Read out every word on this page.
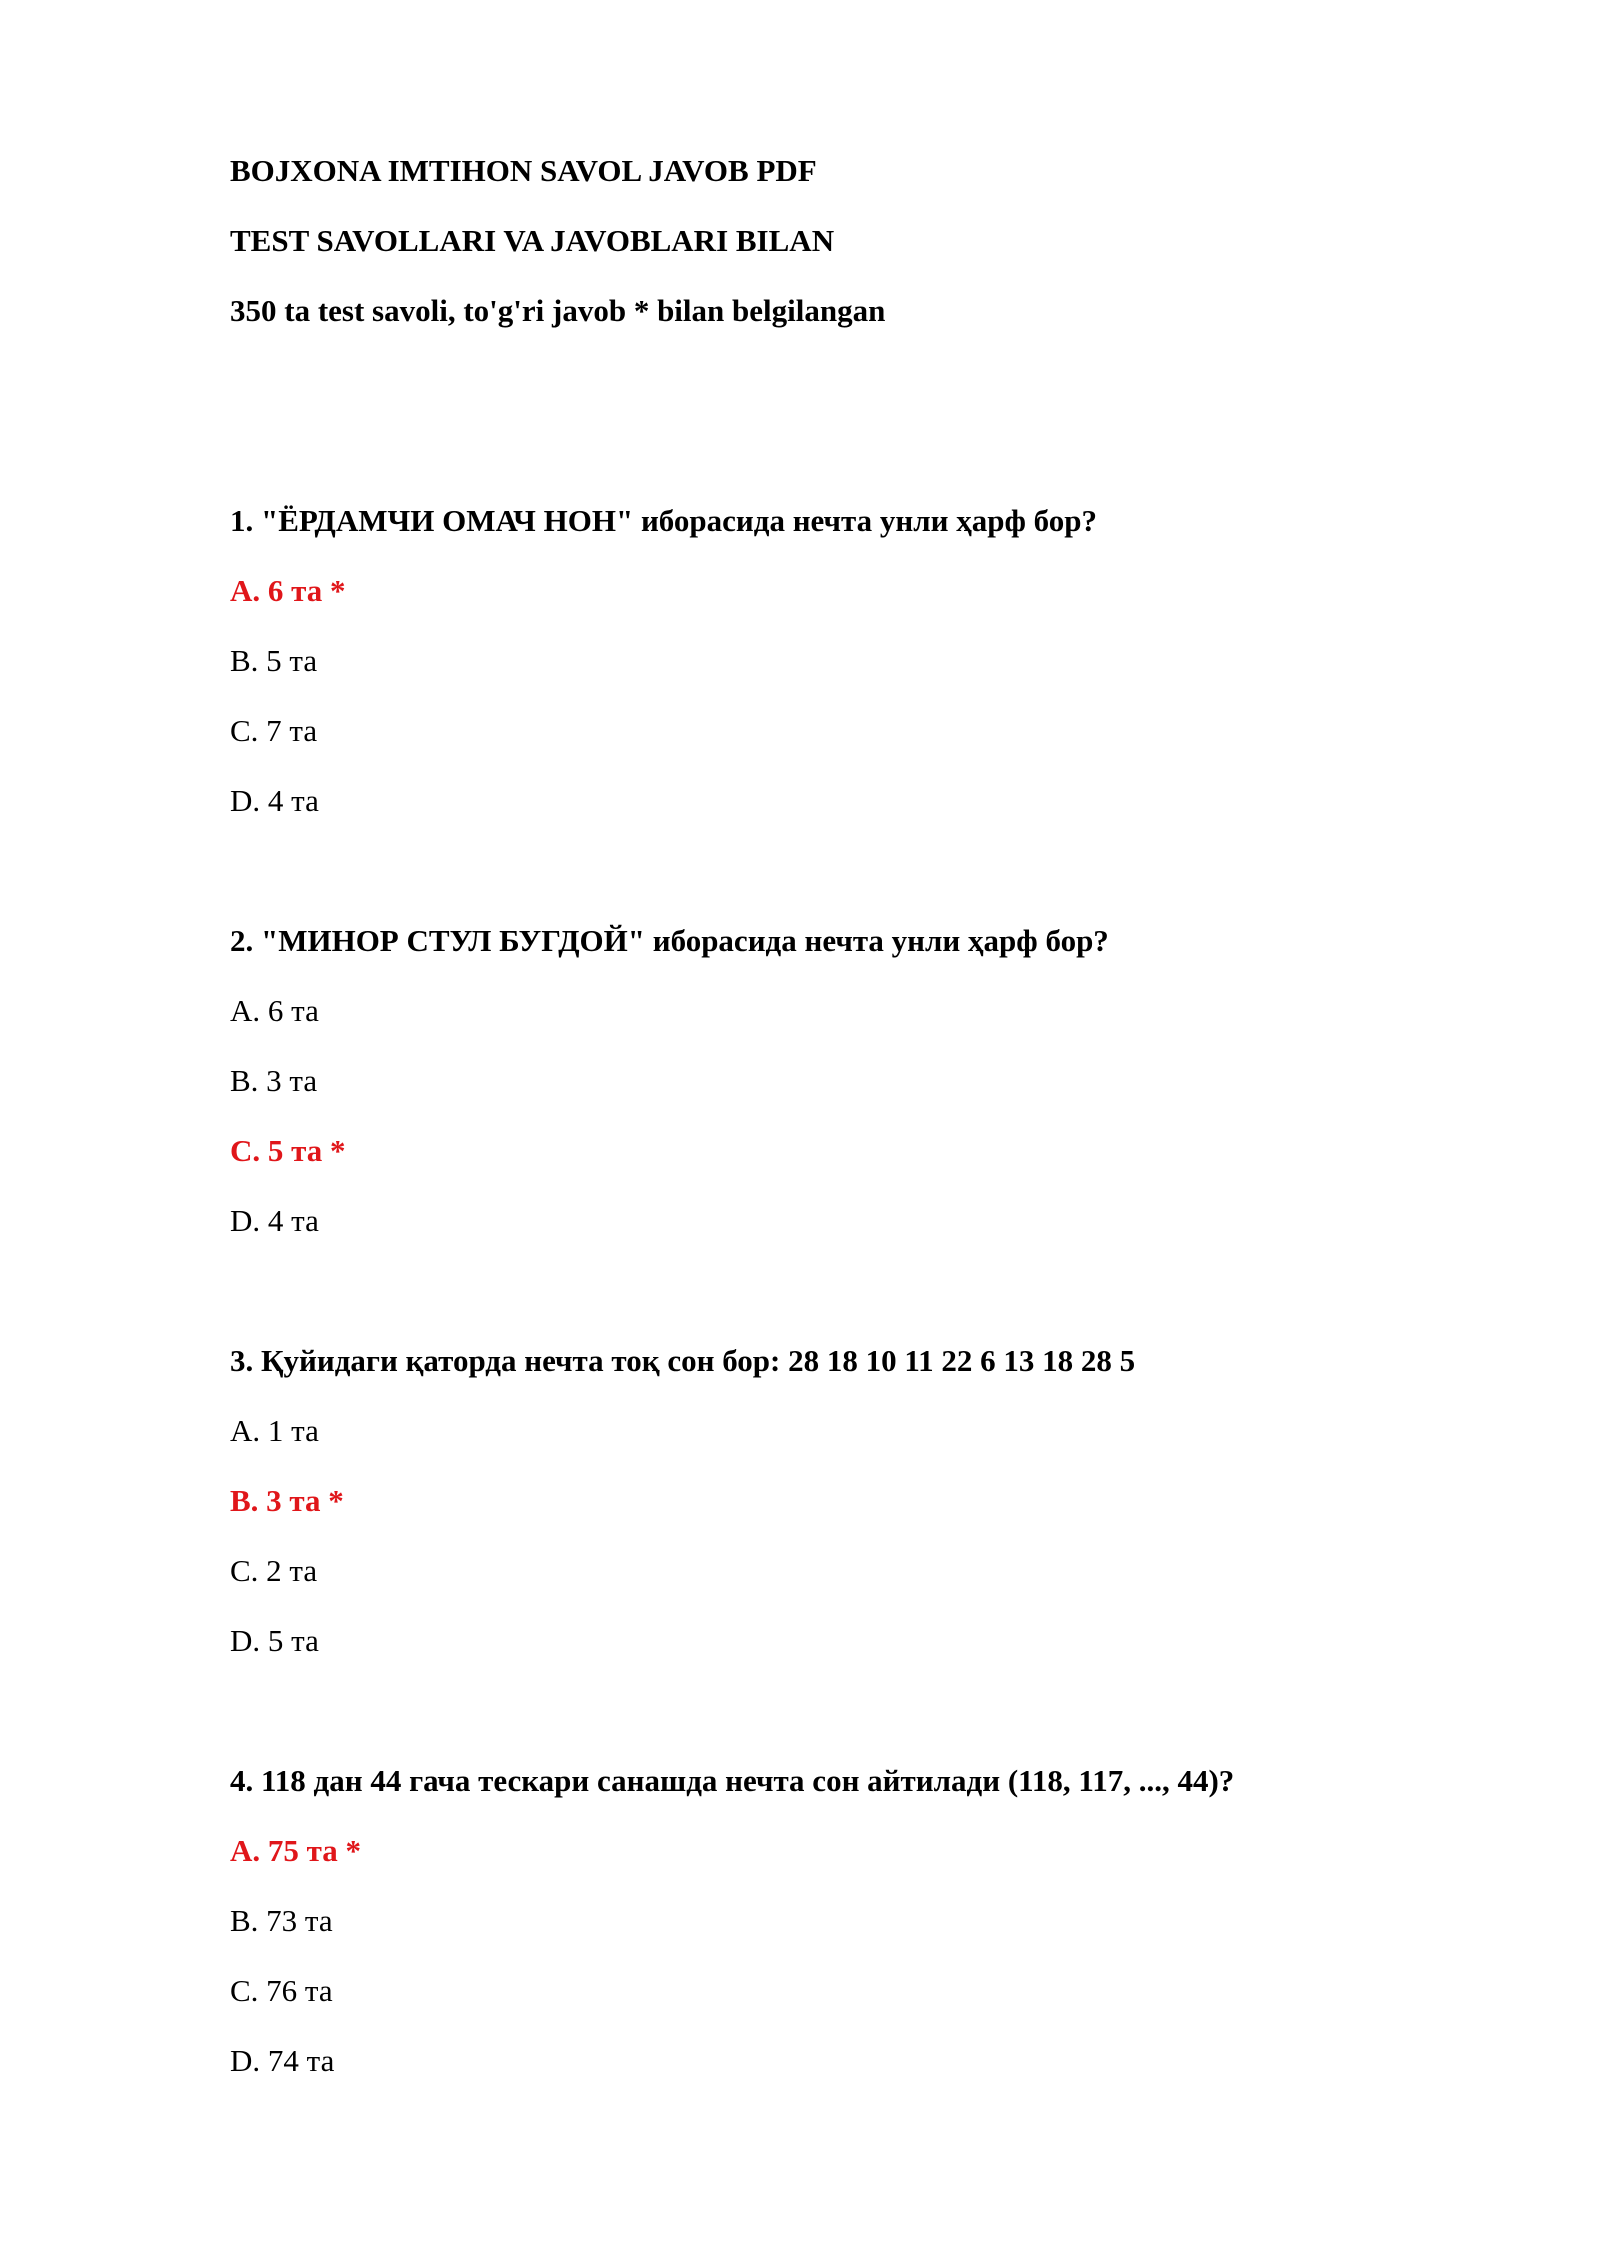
BOJXONA IMTIHON SAVOL JAVOB PDF
TEST SAVOLLARI VA JAVOBLARI BILAN
350 ta test savoli, to'g'ri javob * bilan belgilangan
1. "ЁРДАМЧИ ОМАЧ НОН" иборасида нечта унли ҳарф бор?
A. 6 та *
B. 5 та
C. 7 та
D. 4 та
2. "МИНОР СТУЛ БУГДОЙ" иборасида нечта унли ҳарф бор?
A. 6 та
B. 3 та
C. 5 та *
D. 4 та
3. Қуйидаги қаторда нечта тоқ сон бор: 28 18 10 11 22 6 13 18 28 5
A. 1 та
B. 3 та *
C. 2 та
D. 5 та
4. 118 дан 44 гача тескари санашда нечта сон айтилади (118, 117, ..., 44)?
A. 75 та *
B. 73 та
C. 76 та
D. 74 та
